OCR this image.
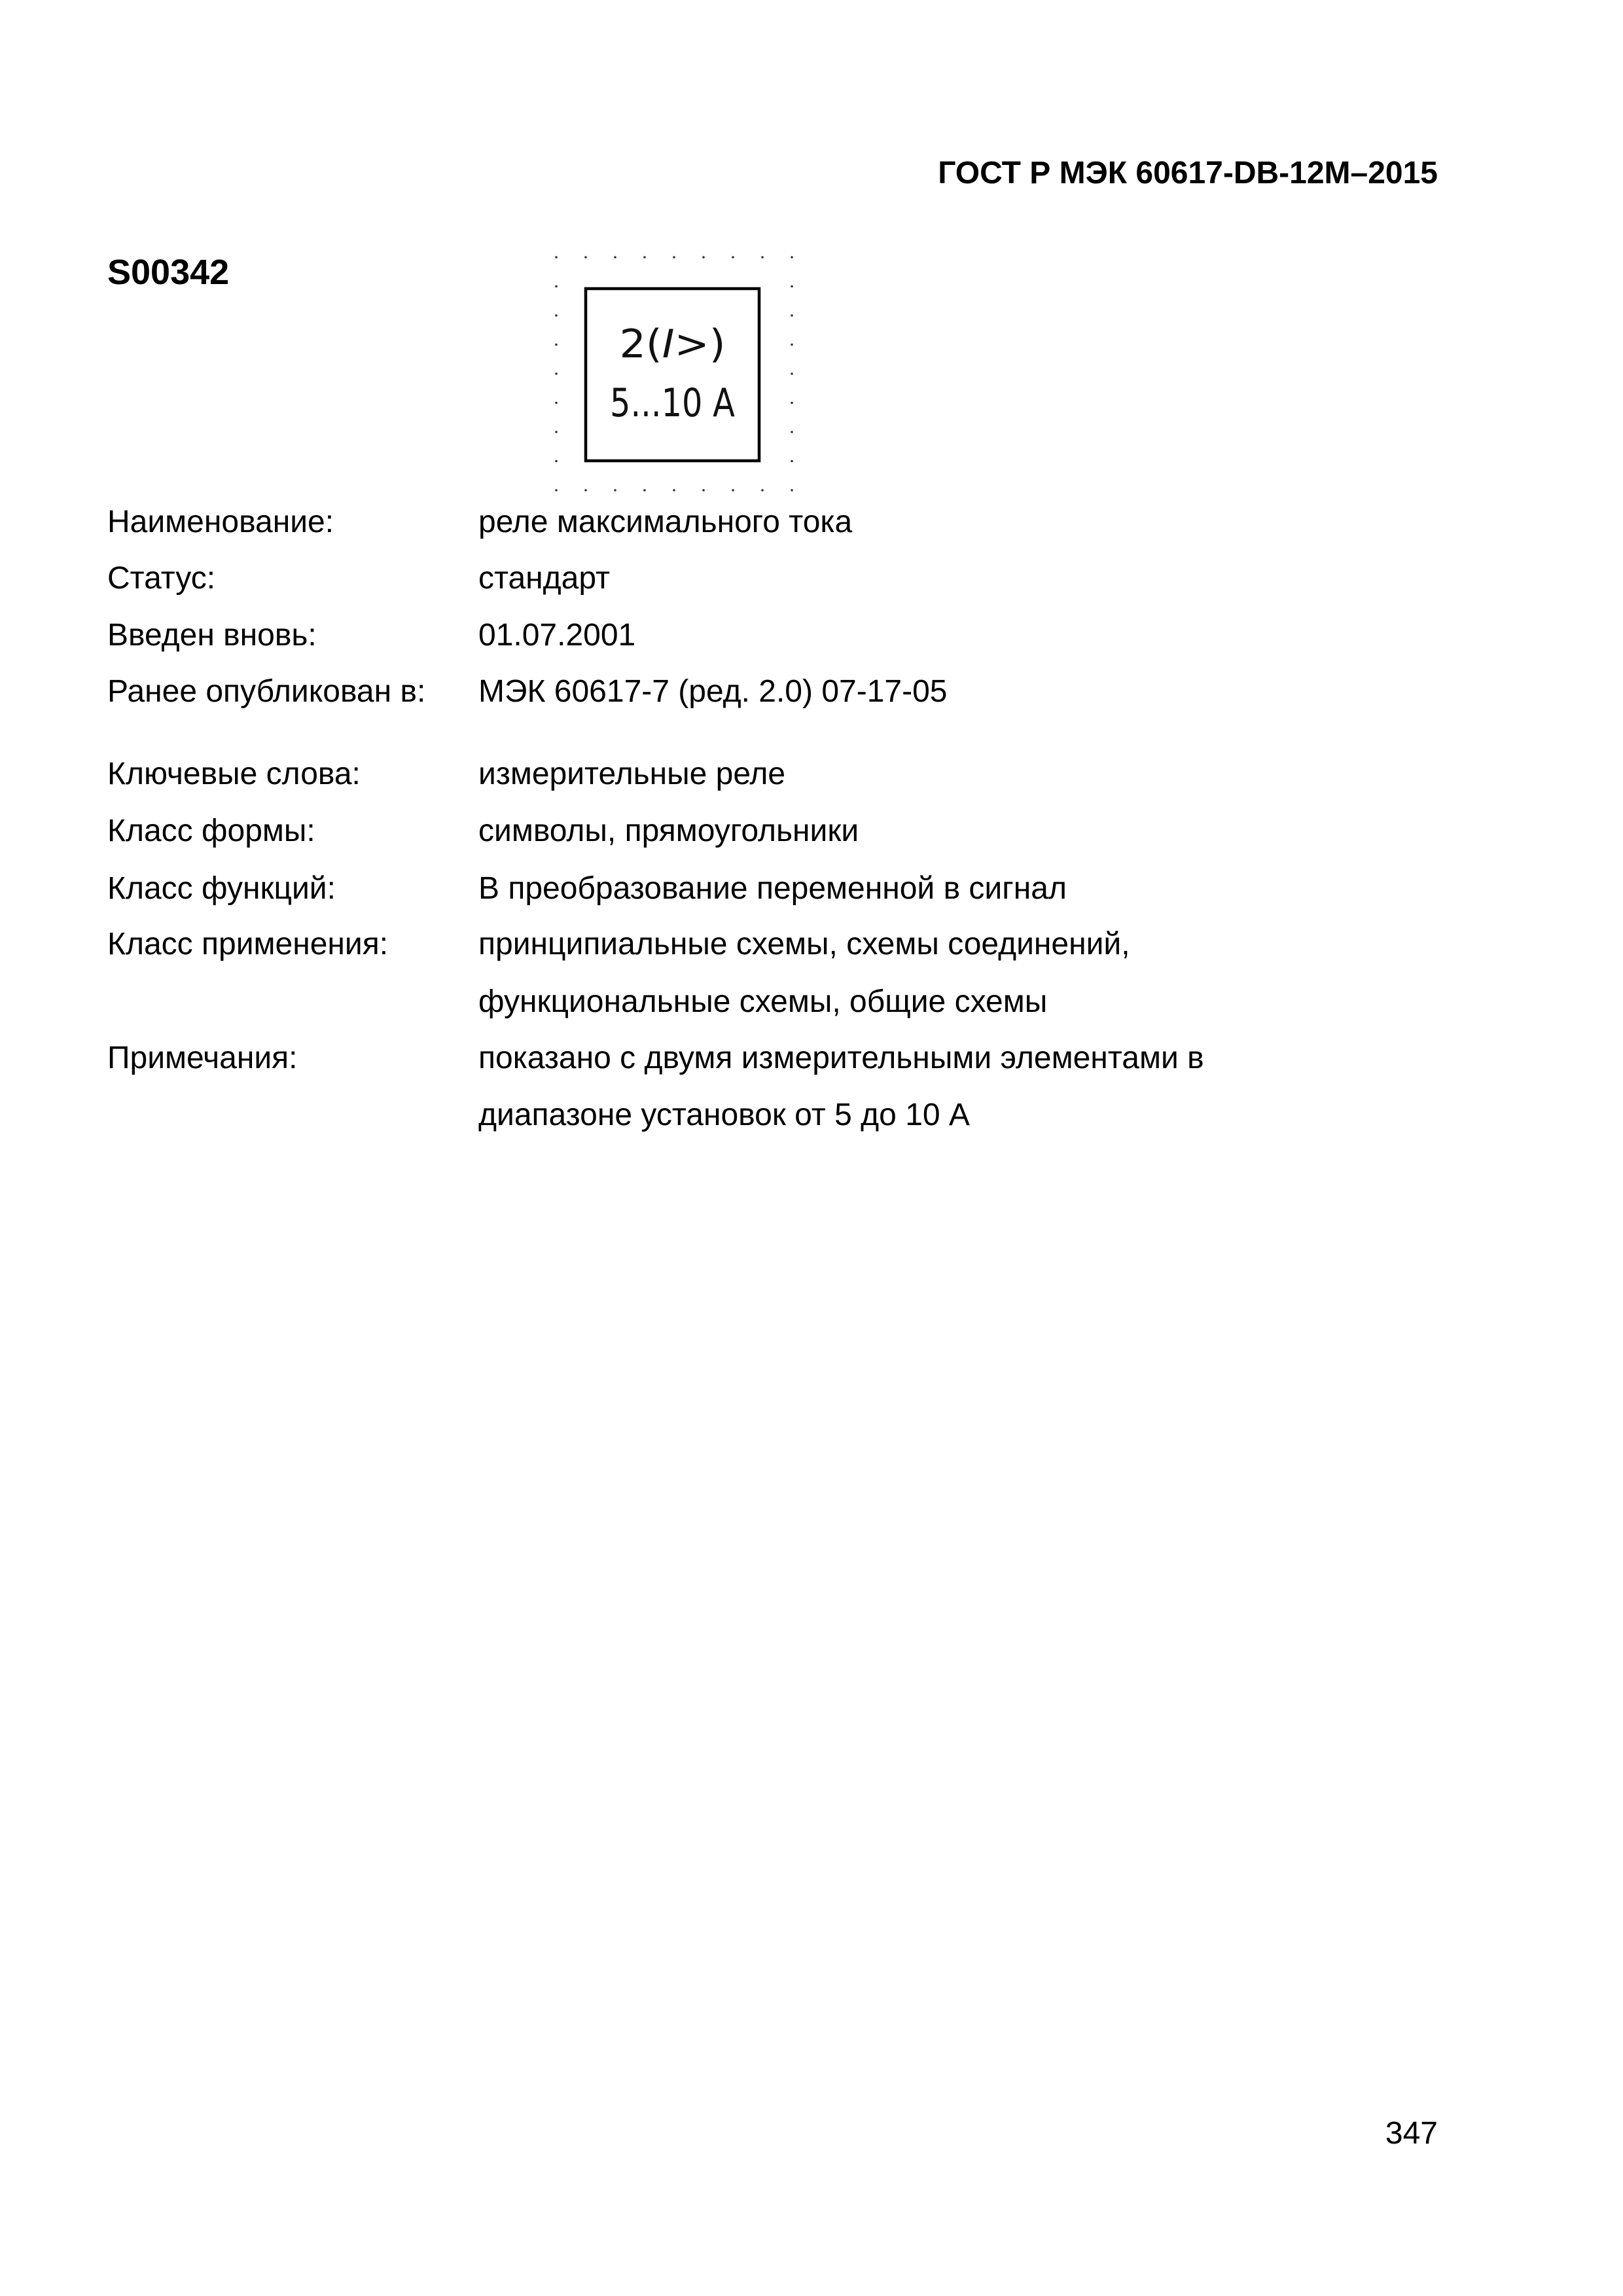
ГОСТ Р МЭК 60617-DB-12M–2015
S00342
2(I>)
5...10 A
Наименование:	реле максимального тока
Статус:	стандарт
Введен вновь:	01.07.2001
Ранее опубликован в: МЭК 60617-7 (ред. 2.0) 07-17-05
Ключевые слова:	измерительные реле
Класс формы:	символы, прямоугольники
Класс функций:	В преобразование переменной в сигнал
Класс применения:	принципиальные схемы, схемы соединений,
функциональные схемы, общие схемы
Примечания:	показано с двумя измерительными элементами в
диапазоне установок от 5 до 10 А
347
